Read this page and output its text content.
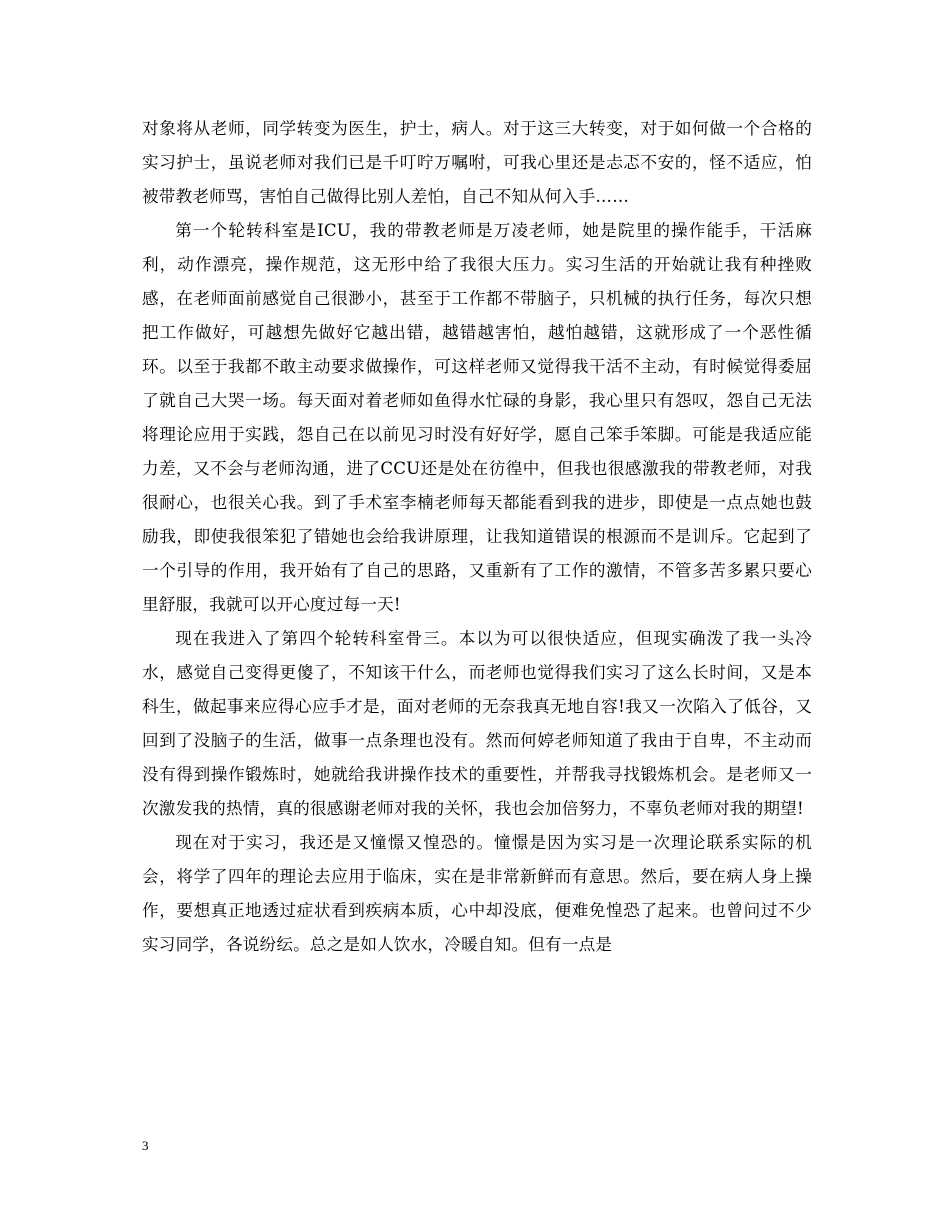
对象将从老师，同学转变为医生，护士，病人。对于这三大转变，对于如何做一个合格的实习护士，虽说老师对我们已是千叮咛万嘱咐，可我心里还是忐忑不安的，怪不适应，怕被带教老师骂，害怕自己做得比别人差怕，自己不知从何入手……

第一个轮转科室是ICU，我的带教老师是万凌老师，她是院里的操作能手，干活麻利，动作漂亮，操作规范，这无形中给了我很大压力。实习生活的开始就让我有种挫败感，在老师面前感觉自己很渺小，甚至于工作都不带脑子，只机械的执行任务，每次只想把工作做好，可越想先做好它越出错，越错越害怕，越怕越错，这就形成了一个恶性循环。以至于我都不敢主动要求做操作，可这样老师又觉得我干活不主动，有时候觉得委屈了就自己大哭一场。每天面对着老师如鱼得水忙碌的身影，我心里只有怨叹，怨自己无法将理论应用于实践，怨自己在以前见习时没有好好学，愿自己笨手笨脚。可能是我适应能力差，又不会与老师沟通，进了CCU还是处在彷徨中，但我也很感激我的带教老师，对我很耐心，也很关心我。到了手术室李楠老师每天都能看到我的进步，即使是一点点她也鼓励我，即使我很笨犯了错她也会给我讲原理，让我知道错误的根源而不是训斥。它起到了一个引导的作用，我开始有了自己的思路，又重新有了工作的激情，不管多苦多累只要心里舒服，我就可以开心度过每一天!

现在我进入了第四个轮转科室骨三。本以为可以很快适应，但现实确泼了我一头冷水，感觉自己变得更傻了，不知该干什么，而老师也觉得我们实习了这么长时间，又是本科生，做起事来应得心应手才是，面对老师的无奈我真无地自容!我又一次陷入了低谷，又回到了没脑子的生活，做事一点条理也没有。然而何婷老师知道了我由于自卑，不主动而没有得到操作锻炼时，她就给我讲操作技术的重要性，并帮我寻找锻炼机会。是老师又一次激发我的热情，真的很感谢老师对我的关怀，我也会加倍努力，不辜负老师对我的期望!

现在对于实习，我还是又憧憬又惶恐的。憧憬是因为实习是一次理论联系实际的机会，将学了四年的理论去应用于临床，实在是非常新鲜而有意思。然后，要在病人身上操作，要想真正地透过症状看到疾病本质，心中却没底，便难免惶恐了起来。也曾问过不少实习同学，各说纷纭。总之是如人饮水，冷暖自知。但有一点是

3
